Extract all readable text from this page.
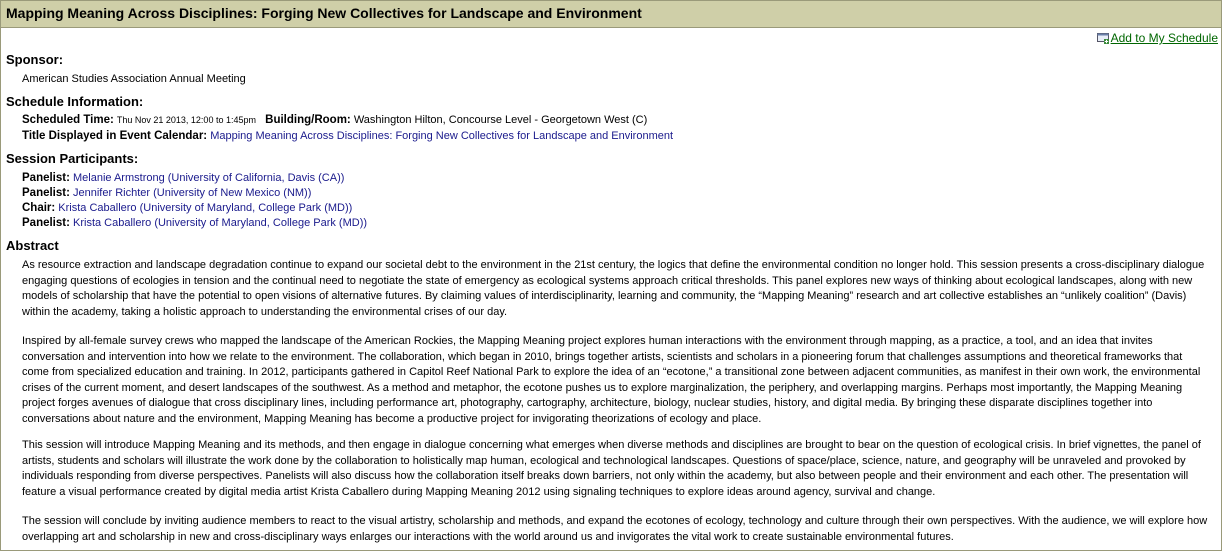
Mapping Meaning Across Disciplines: Forging New Collectives for Landscape and Environment
Add to My Schedule
Sponsor:
American Studies Association Annual Meeting
Schedule Information:
Scheduled Time: Thu Nov 21 2013, 12:00 to 1:45pm Building/Room: Washington Hilton, Concourse Level - Georgetown West (C)
Title Displayed in Event Calendar: Mapping Meaning Across Disciplines: Forging New Collectives for Landscape and Environment
Session Participants:
Panelist: Melanie Armstrong (University of California, Davis (CA))
Panelist: Jennifer Richter (University of New Mexico (NM))
Chair: Krista Caballero (University of Maryland, College Park (MD))
Panelist: Krista Caballero (University of Maryland, College Park (MD))
Abstract

As resource extraction and landscape degradation continue to expand our societal debt to the environment in the 21st century, the logics that define the environmental condition no longer hold. This session presents a cross-disciplinary dialogue engaging questions of ecologies in tension and the continual need to negotiate the state of emergency as ecological systems approach critical thresholds. This panel explores new ways of thinking about ecological landscapes, along with new models of scholarship that have the potential to open visions of alternative futures. By claiming values of interdisciplinarity, learning and community, the “Mapping Meaning” research and art collective establishes an “unlikely coalition” (Davis) within the academy, taking a holistic approach to understanding the environmental crises of our day.

Inspired by all-female survey crews who mapped the landscape of the American Rockies, the Mapping Meaning project explores human interactions with the environment through mapping, as a practice, a tool, and an idea that invites conversation and intervention into how we relate to the environment. The collaboration, which began in 2010, brings together artists, scientists and scholars in a pioneering forum that challenges assumptions and theoretical frameworks that come from specialized education and training. In 2012, participants gathered in Capitol Reef National Park to explore the idea of an “ecotone,” a transitional zone between adjacent communities, as manifest in their own work, the environmental crises of the current moment, and desert landscapes of the southwest. As a method and metaphor, the ecotone pushes us to explore marginalization, the periphery, and overlapping margins. Perhaps most importantly, the Mapping Meaning project forges avenues of dialogue that cross disciplinary lines, including performance art, photography, cartography, architecture, biology, nuclear studies, history, and digital media. By bringing these disparate disciplines together into conversations about nature and the environment, Mapping Meaning has become a productive project for invigorating theorizations of ecology and place.

This session will introduce Mapping Meaning and its methods, and then engage in dialogue concerning what emerges when diverse methods and disciplines are brought to bear on the question of ecological crisis. In brief vignettes, the panel of artists, students and scholars will illustrate the work done by the collaboration to holistically map human, ecological and technological landscapes. Questions of space/place, science, nature, and geography will be unraveled and provoked by individuals responding from diverse perspectives. Panelists will also discuss how the collaboration itself breaks down barriers, not only within the academy, but also between people and their environment and each other. The presentation will feature a visual performance created by digital media artist Krista Caballero during Mapping Meaning 2012 using signaling techniques to explore ideas around agency, survival and change.

The session will conclude by inviting audience members to react to the visual artistry, scholarship and methods, and expand the ecotones of ecology, technology and culture through their own perspectives. With the audience, we will explore how overlapping art and scholarship in new and cross-disciplinary ways enlarges our interactions with the world around us and invigorates the vital work to create sustainable environmental futures.
